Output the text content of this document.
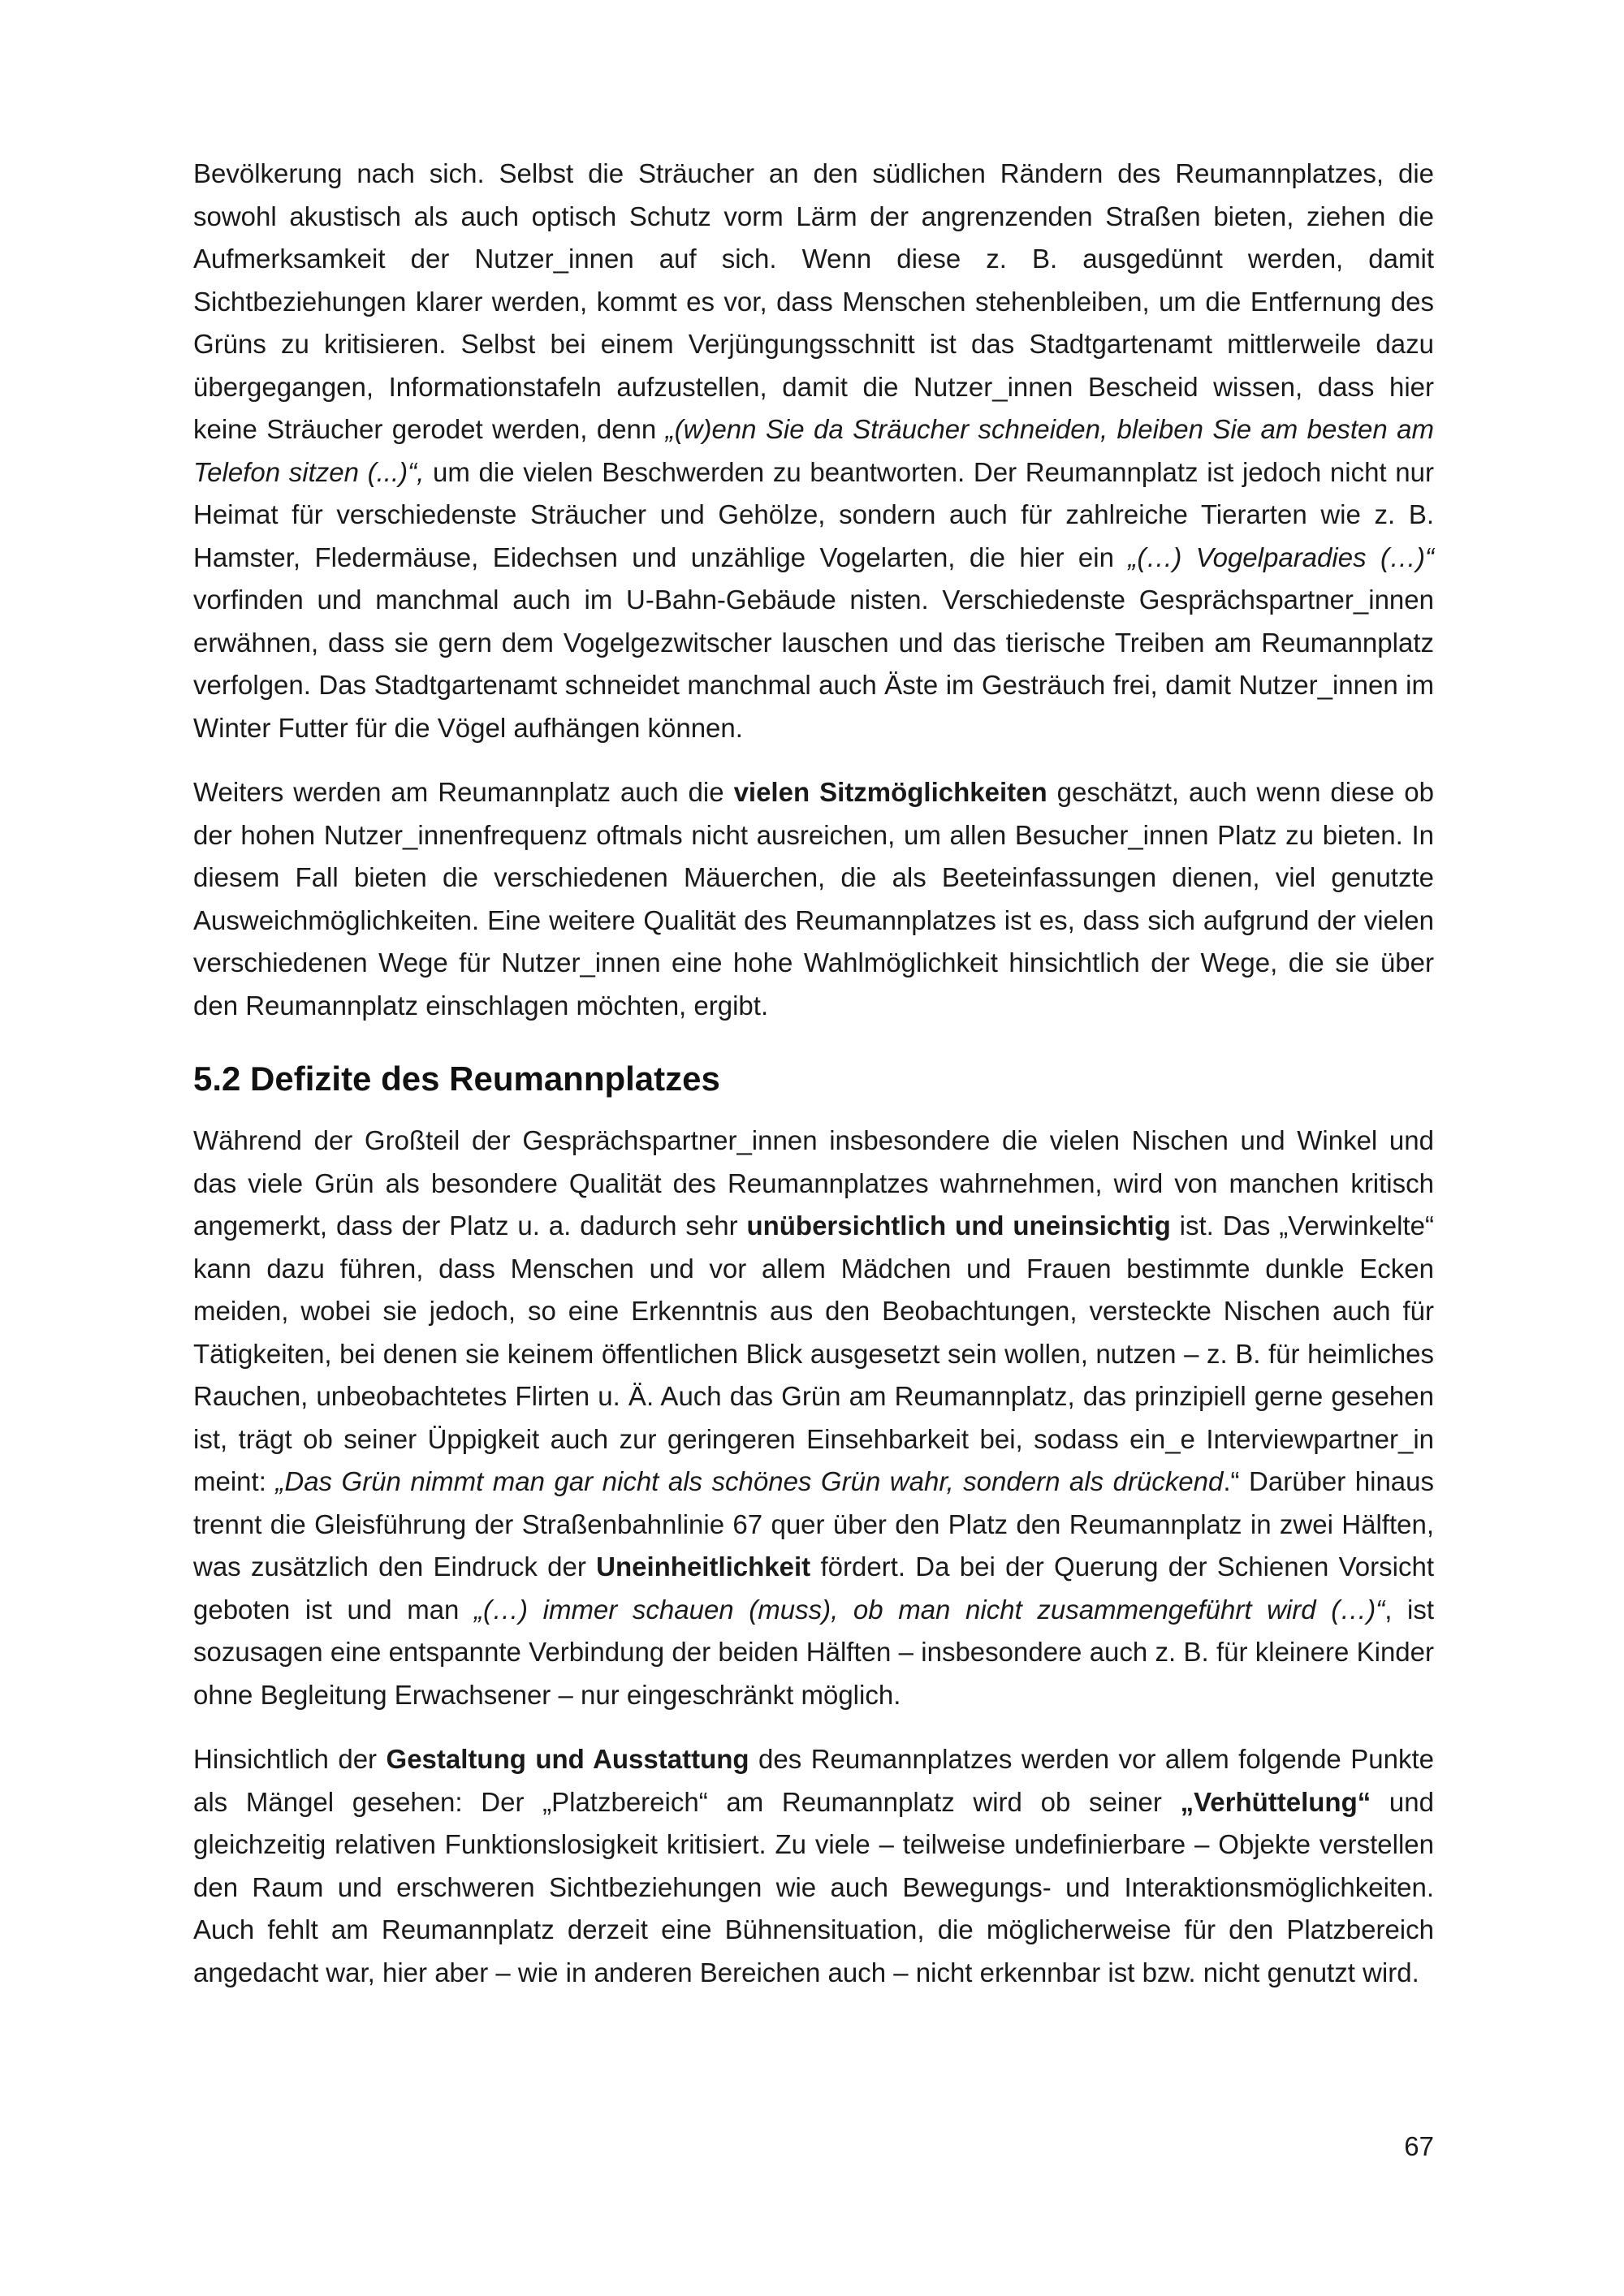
Bevölkerung nach sich. Selbst die Sträucher an den südlichen Rändern des Reumannplatzes, die sowohl akustisch als auch optisch Schutz vorm Lärm der angrenzenden Straßen bieten, ziehen die Aufmerksamkeit der Nutzer_innen auf sich. Wenn diese z. B. ausgedünnt werden, damit Sichtbeziehungen klarer werden, kommt es vor, dass Menschen stehenbleiben, um die Entfernung des Grüns zu kritisieren. Selbst bei einem Verjüngungsschnitt ist das Stadtgartenamt mittlerweile dazu übergegangen, Informationstafeln aufzustellen, damit die Nutzer_innen Bescheid wissen, dass hier keine Sträucher gerodet werden, denn „(w)enn Sie da Sträucher schneiden, bleiben Sie am besten am Telefon sitzen (...)“, um die vielen Beschwerden zu beantworten. Der Reumannplatz ist jedoch nicht nur Heimat für verschiedenste Sträucher und Gehölze, sondern auch für zahlreiche Tierarten wie z. B. Hamster, Fledermäuse, Eidechsen und unzählige Vogelarten, die hier ein „(…) Vogelparadies (…)“ vorfinden und manchmal auch im U-Bahn-Gebäude nisten. Verschiedenste Gesprächspartner_innen erwähnen, dass sie gern dem Vogelgezwitscher lauschen und das tierische Treiben am Reumannplatz verfolgen. Das Stadtgartenamt schneidet manchmal auch Äste im Gesträuch frei, damit Nutzer_innen im Winter Futter für die Vögel aufhängen können.

Weiters werden am Reumannplatz auch die vielen Sitzmöglichkeiten geschätzt, auch wenn diese ob der hohen Nutzer_innenfrequenz oftmals nicht ausreichen, um allen Besucher_innen Platz zu bieten. In diesem Fall bieten die verschiedenen Mäuerchen, die als Beeteinfassungen dienen, viel genutzte Ausweichmöglichkeiten. Eine weitere Qualität des Reumannplatzes ist es, dass sich aufgrund der vielen verschiedenen Wege für Nutzer_innen eine hohe Wahlmöglichkeit hinsichtlich der Wege, die sie über den Reumannplatz einschlagen möchten, ergibt.

5.2 Defizite des Reumannplatzes

Während der Großteil der Gesprächspartner_innen insbesondere die vielen Nischen und Winkel und das viele Grün als besondere Qualität des Reumannplatzes wahrnehmen, wird von manchen kritisch angemerkt, dass der Platz u. a. dadurch sehr unübersichtlich und uneinsichtig ist. Das „Verwinkelte“ kann dazu führen, dass Menschen und vor allem Mädchen und Frauen bestimmte dunkle Ecken meiden, wobei sie jedoch, so eine Erkenntnis aus den Beobachtungen, versteckte Nischen auch für Tätigkeiten, bei denen sie keinem öffentlichen Blick ausgesetzt sein wollen, nutzen – z. B. für heimliches Rauchen, unbeobachtetes Flirten u. Ä. Auch das Grün am Reumannplatz, das prinzipiell gerne gesehen ist, trägt ob seiner Üppigkeit auch zur geringeren Einsehbarkeit bei, sodass ein_e Interviewpartner_in meint: „Das Grün nimmt man gar nicht als schönes Grün wahr, sondern als drückend.“ Darüber hinaus trennt die Gleisführung der Straßenbahnlinie 67 quer über den Platz den Reumannplatz in zwei Hälften, was zusätzlich den Eindruck der Uneinheitlichkeit fördert. Da bei der Querung der Schienen Vorsicht geboten ist und man „(…) immer schauen (muss), ob man nicht zusammengeführt wird (…)“, ist sozusagen eine entspannte Verbindung der beiden Hälften – insbesondere auch z. B. für kleinere Kinder ohne Begleitung Erwachsener – nur eingeschränkt möglich.

Hinsichtlich der Gestaltung und Ausstattung des Reumannplatzes werden vor allem folgende Punkte als Mängel gesehen: Der „Platzbereich“ am Reumannplatz wird ob seiner „Verhüttelung“ und gleichzeitig relativen Funktionslosigkeit kritisiert. Zu viele – teilweise undefinierbare – Objekte verstellen den Raum und erschweren Sichtbeziehungen wie auch Bewegungs- und Interaktionsmöglichkeiten. Auch fehlt am Reumannplatz derzeit eine Bühnensituation, die möglicherweise für den Platzbereich angedacht war, hier aber – wie in anderen Bereichen auch – nicht erkennbar ist bzw. nicht genutzt wird.

67
